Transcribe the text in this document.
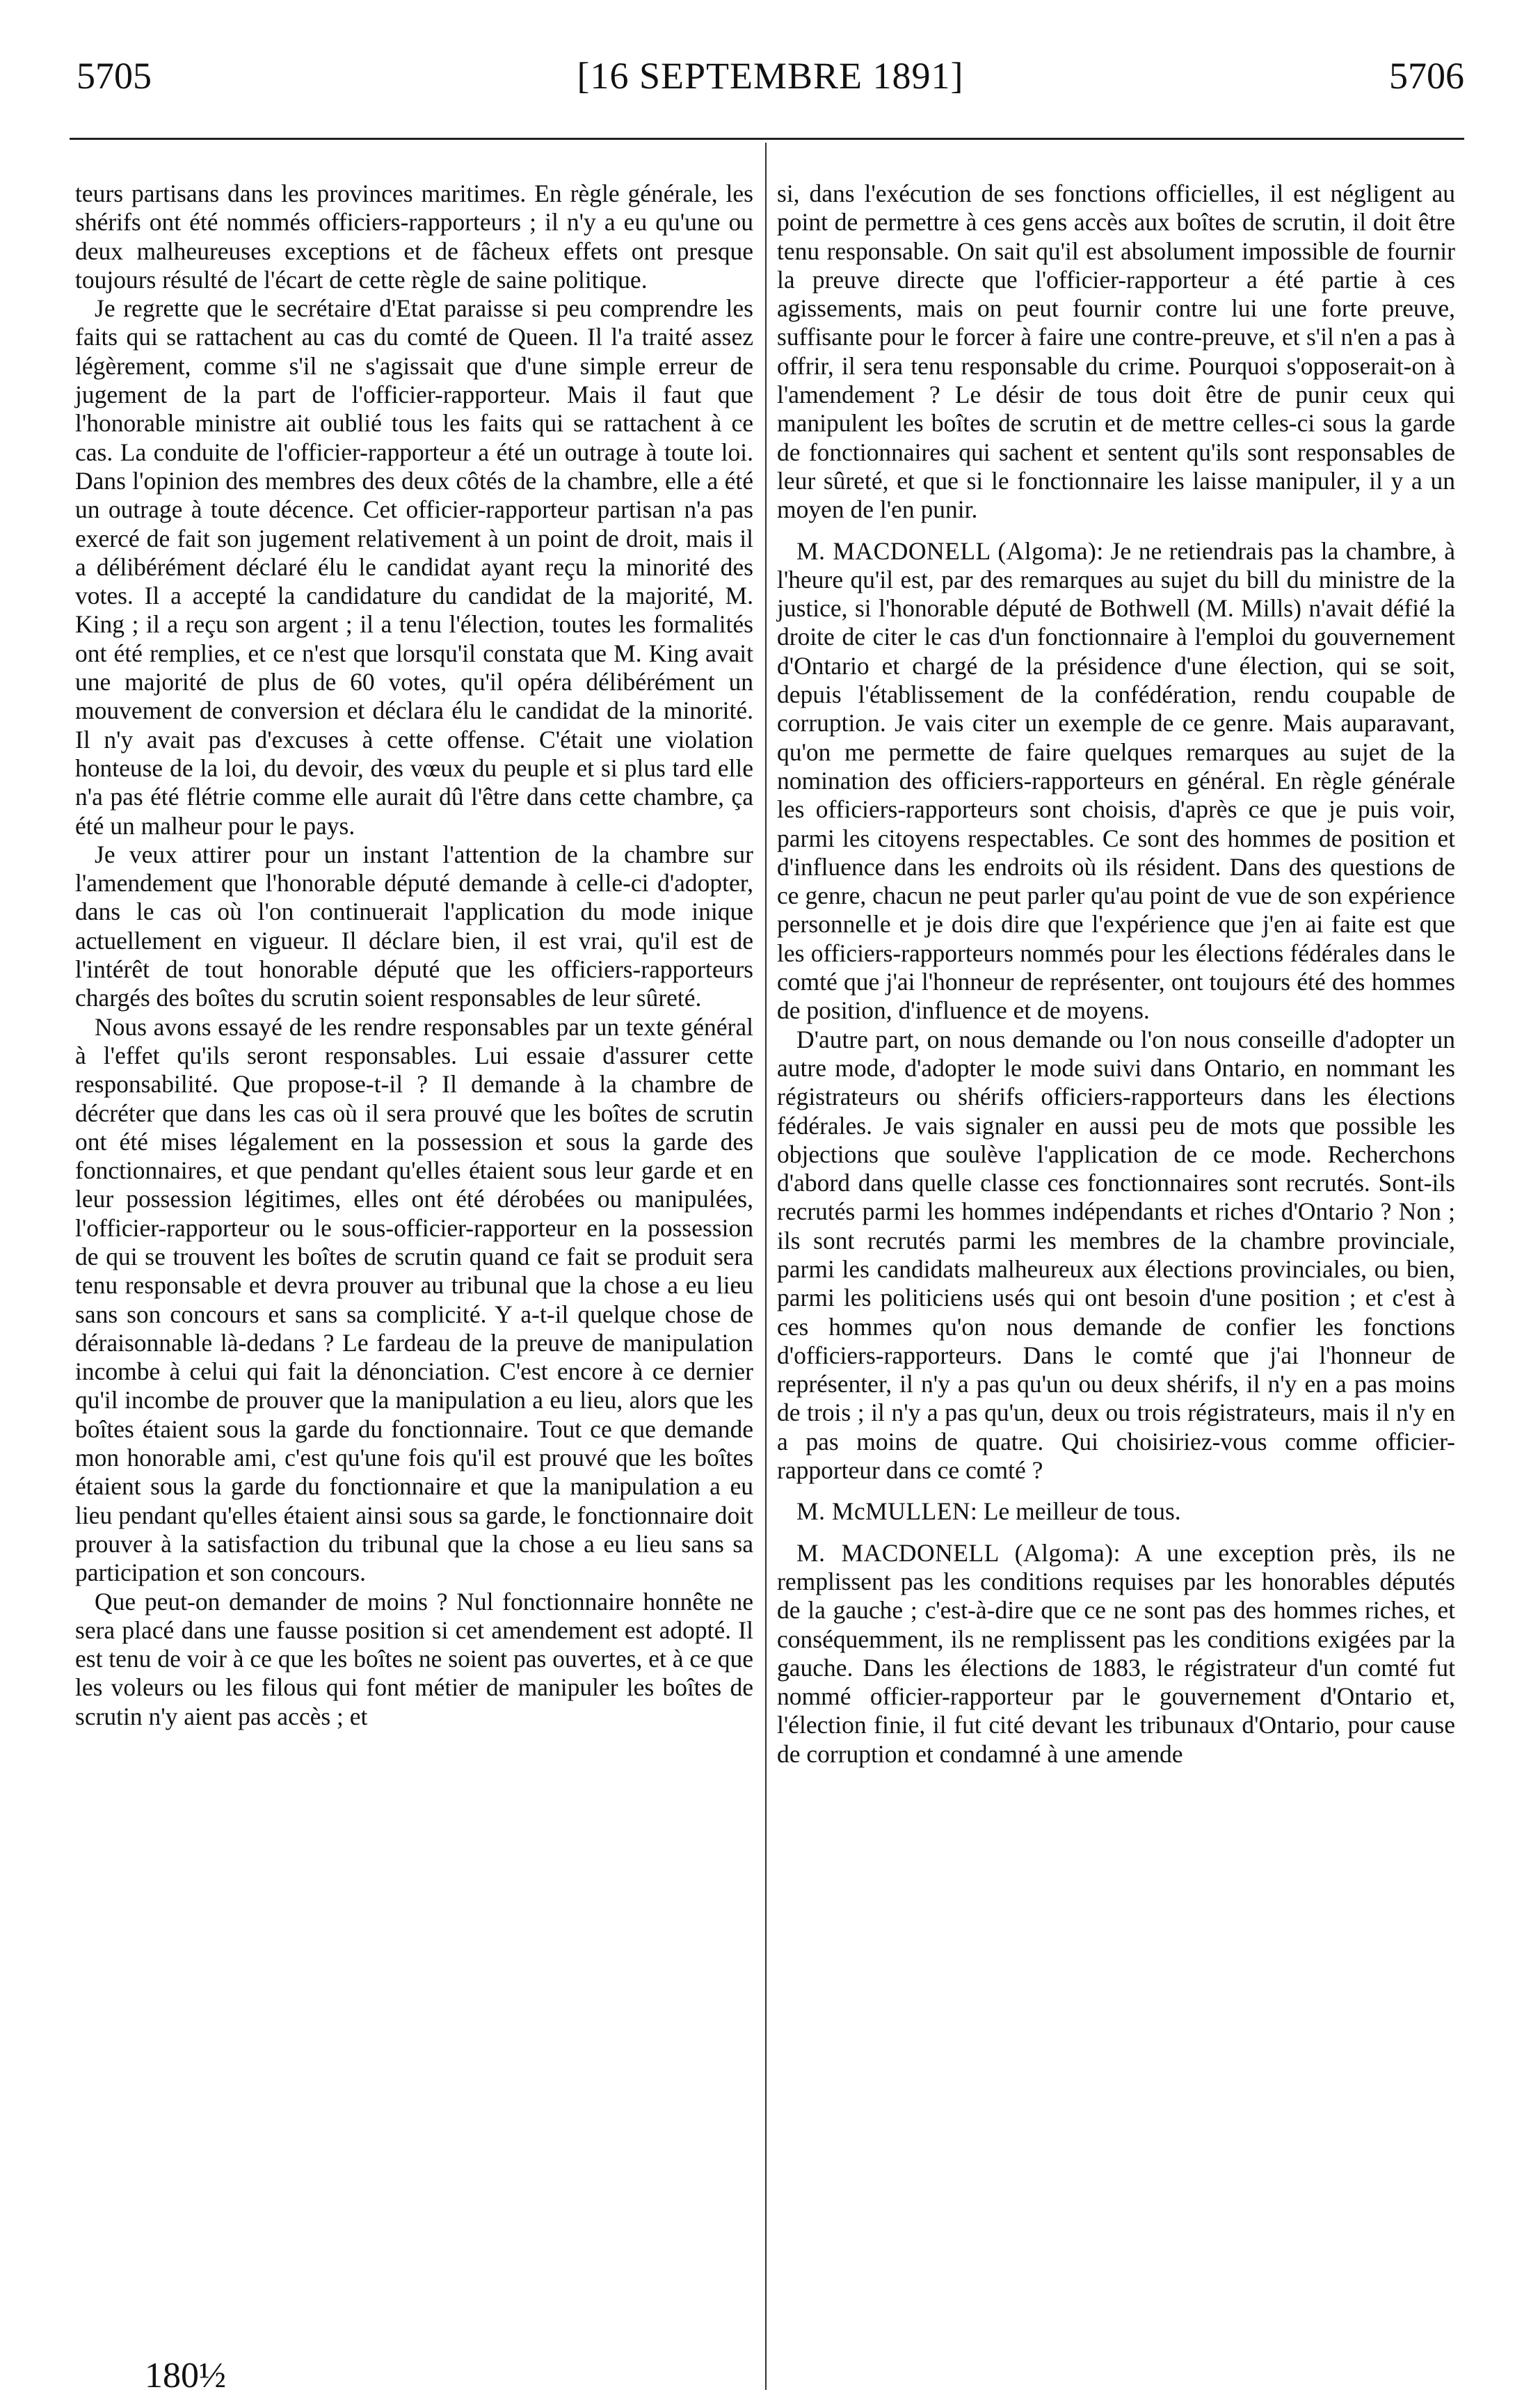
5705	[16 SEPTEMBRE 1891]	5706

teurs partisans dans les provinces maritimes. En règle générale, les shérifs ont été nommés officiers-rapporteurs ; il n'y a eu qu'une ou deux malheureuses exceptions et de fâcheux effets ont presque toujours résulté de l'écart de cette règle de saine politique.

Je regrette que le secrétaire d'Etat paraisse si peu comprendre les faits qui se rattachent au cas du comté de Queen. Il l'a traité assez légèrement, comme s'il ne s'agissait que d'une simple erreur de jugement de la part de l'officier-rapporteur. Mais il faut que l'honorable ministre ait oublié tous les faits qui se rattachent à ce cas. La conduite de l'officier-rapporteur a été un outrage à toute loi. Dans l'opinion des membres des deux côtés de la chambre, elle a été un outrage à toute décence. Cet officier-rapporteur partisan n'a pas exercé de fait son jugement relativement à un point de droit, mais il a délibérément déclaré élu le candidat ayant reçu la minorité des votes. Il a accepté la candidature du candidat de la majorité, M. King ; il a reçu son argent ; il a tenu l'élection, toutes les formalités ont été remplies, et ce n'est que lorsqu'il constata que M. King avait une majorité de plus de 60 votes, qu'il opéra délibérément un mouvement de conversion et déclara élu le candidat de la minorité. Il n'y avait pas d'excuses à cette offense. C'était une violation honteuse de la loi, du devoir, des vœux du peuple et si plus tard elle n'a pas été flétrie comme elle aurait dû l'être dans cette chambre, ça été un malheur pour le pays.

Je veux attirer pour un instant l'attention de la chambre sur l'amendement que l'honorable député demande à celle-ci d'adopter, dans le cas où l'on continuerait l'application du mode inique actuellement en vigueur. Il déclare bien, il est vrai, qu'il est de l'intérêt de tout honorable député que les officiers-rapporteurs chargés des boîtes du scrutin soient responsables de leur sûreté.

Nous avons essayé de les rendre responsables par un texte général à l'effet qu'ils seront responsables. Lui essaie d'assurer cette responsabilité. Que propose-t-il ? Il demande à la chambre de décréter que dans les cas où il sera prouvé que les boîtes de scrutin ont été mises légalement en la possession et sous la garde des fonctionnaires, et que pendant qu'elles étaient sous leur garde et en leur possession légitimes, elles ont été dérobées ou manipulées, l'officier-rapporteur ou le sous-officier-rapporteur en la possession de qui se trouvent les boîtes de scrutin quand ce fait se produit sera tenu responsable et devra prouver au tribunal que la chose a eu lieu sans son concours et sans sa complicité. Y a-t-il quelque chose de déraisonnable là-dedans ? Le fardeau de la preuve de manipulation incombe à celui qui fait la dénonciation. C'est encore à ce dernier qu'il incombe de prouver que la manipulation a eu lieu, alors que les boîtes étaient sous la garde du fonctionnaire. Tout ce que demande mon honorable ami, c'est qu'une fois qu'il est prouvé que les boîtes étaient sous la garde du fonctionnaire et que la manipulation a eu lieu pendant qu'elles étaient ainsi sous sa garde, le fonctionnaire doit prouver à la satisfaction du tribunal que la chose a eu lieu sans sa participation et son concours.

Que peut-on demander de moins ? Nul fonctionnaire honnête ne sera placé dans une fausse position si cet amendement est adopté. Il est tenu de voir à ce que les boîtes ne soient pas ouvertes, et à ce que les voleurs ou les filous qui font métier de manipuler les boîtes de scrutin n'y aient pas accès ; et

si, dans l'exécution de ses fonctions officielles, il est négligent au point de permettre à ces gens accès aux boîtes de scrutin, il doit être tenu responsable. On sait qu'il est absolument impossible de fournir la preuve directe que l'officier-rapporteur a été partie à ces agissements, mais on peut fournir contre lui une forte preuve, suffisante pour le forcer à faire une contre-preuve, et s'il n'en a pas à offrir, il sera tenu responsable du crime. Pourquoi s'opposerait-on à l'amendement ? Le désir de tous doit être de punir ceux qui manipulent les boîtes de scrutin et de mettre celles-ci sous la garde de fonctionnaires qui sachent et sentent qu'ils sont responsables de leur sûreté, et que si le fonctionnaire les laisse manipuler, il y a un moyen de l'en punir.

M. MACDONELL (Algoma): Je ne retiendrais pas la chambre, à l'heure qu'il est, par des remarques au sujet du bill du ministre de la justice, si l'honorable député de Bothwell (M. Mills) n'avait défié la droite de citer le cas d'un fonctionnaire à l'emploi du gouvernement d'Ontario et chargé de la présidence d'une élection, qui se soit, depuis l'établissement de la confédération, rendu coupable de corruption. Je vais citer un exemple de ce genre. Mais auparavant, qu'on me permette de faire quelques remarques au sujet de la nomination des officiers-rapporteurs en général. En règle générale les officiers-rapporteurs sont choisis, d'après ce que je puis voir, parmi les citoyens respectables. Ce sont des hommes de position et d'influence dans les endroits où ils résident. Dans des questions de ce genre, chacun ne peut parler qu'au point de vue de son expérience personnelle et je dois dire que l'expérience que j'en ai faite est que les officiers-rapporteurs nommés pour les élections fédérales dans le comté que j'ai l'honneur de représenter, ont toujours été des hommes de position, d'influence et de moyens.

D'autre part, on nous demande ou l'on nous conseille d'adopter un autre mode, d'adopter le mode suivi dans Ontario, en nommant les régistrateurs ou shérifs officiers-rapporteurs dans les élections fédérales. Je vais signaler en aussi peu de mots que possible les objections que soulève l'application de ce mode. Recherchons d'abord dans quelle classe ces fonctionnaires sont recrutés. Sont-ils recrutés parmi les hommes indépendants et riches d'Ontario ? Non ; ils sont recrutés parmi les membres de la chambre provinciale, parmi les candidats malheureux aux élections provinciales, ou bien, parmi les politiciens usés qui ont besoin d'une position ; et c'est à ces hommes qu'on nous demande de confier les fonctions d'officiers-rapporteurs. Dans le comté que j'ai l'honneur de représenter, il n'y a pas qu'un ou deux shérifs, il n'y en a pas moins de trois ; il n'y a pas qu'un, deux ou trois régistrateurs, mais il n'y en a pas moins de quatre. Qui choisiriez-vous comme officier-rapporteur dans ce comté ?

M. McMULLEN: Le meilleur de tous.

M. MACDONELL (Algoma): A une exception près, ils ne remplissent pas les conditions requises par les honorables députés de la gauche ; c'est-à-dire que ce ne sont pas des hommes riches, et conséquemment, ils ne remplissent pas les conditions exigées par la gauche. Dans les élections de 1883, le régistrateur d'un comté fut nommé officier-rapporteur par le gouvernement d'Ontario et, l'élection finie, il fut cité devant les tribunaux d'Ontario, pour cause de corruption et condamné à une amende

180½
